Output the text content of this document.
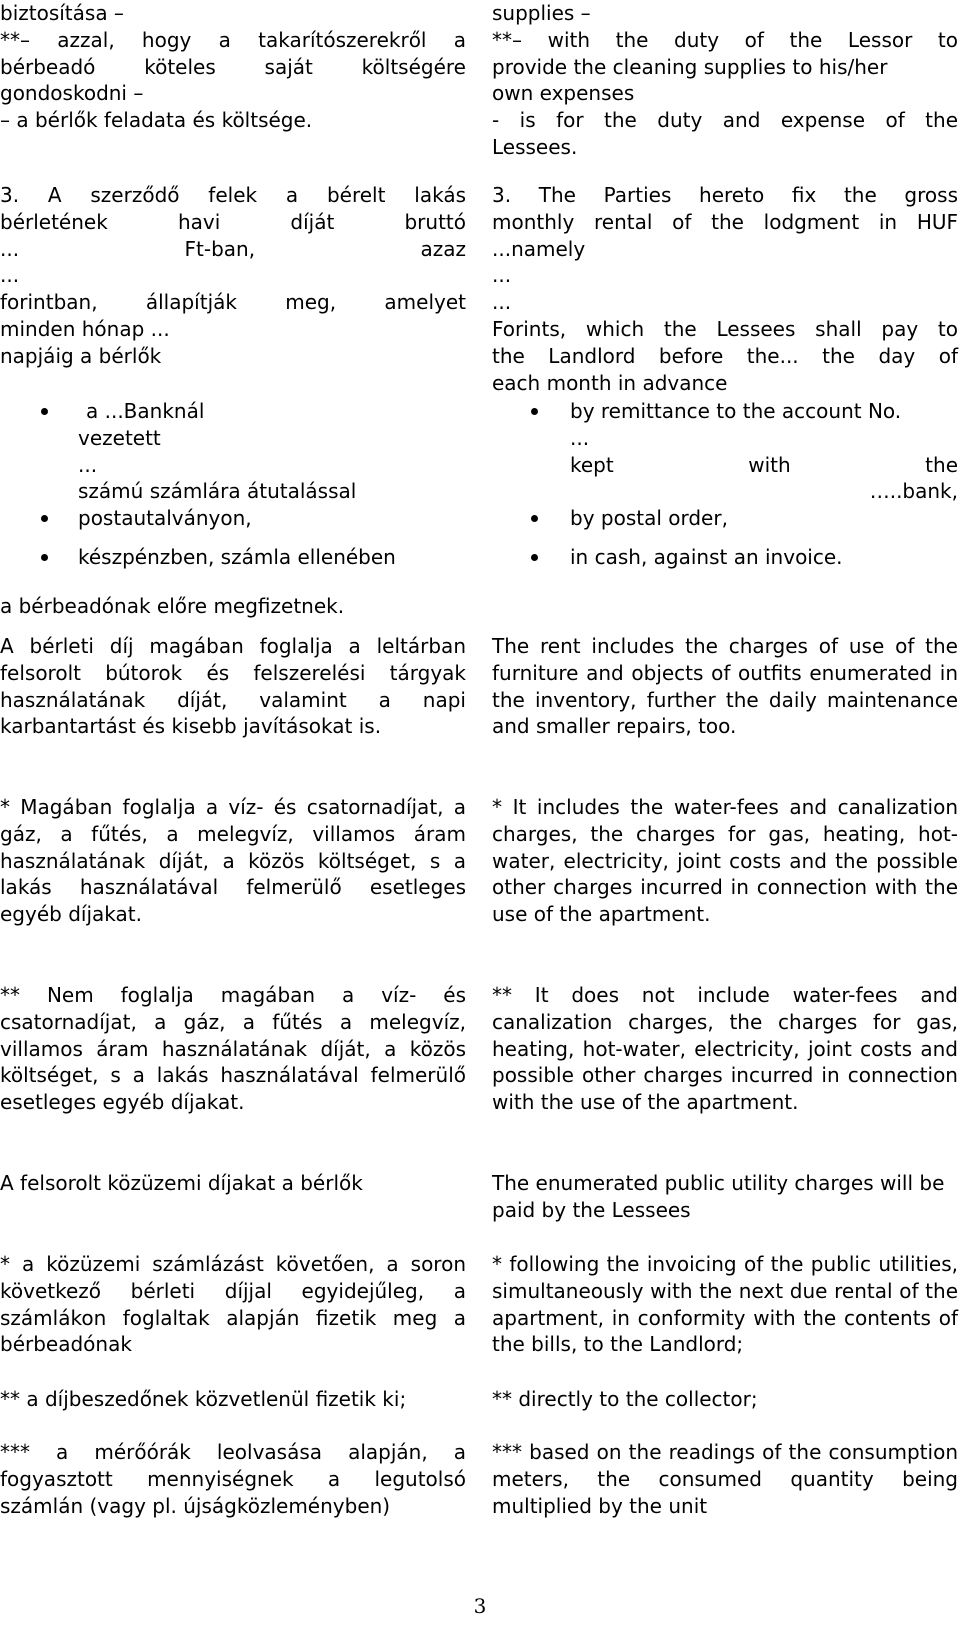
biztosítása –
**– azzal, hogy a takarítószerekről a
bérbeadó köteles saját költségére
gondoskodni –
– a bérlők feladata és költsége.
3. A szerződő felek a bérelt lakás
bérletének havi díját bruttó
... Ft-ban, azaz
...
forintban, állapítják meg, amelyet
minden hónap ...
napjáig a bérlők
a ...Banknál
vezetett
...
számú számlára átutalással
postautalványon,
készpénzben, számla ellenében

a bérbeadónak előre megfizetnek.

A bérleti díj magában foglalja a leltárban felsorolt bútorok és felszerelési tárgyak használatának díját, valamint a napi karbantartást és kisebb javításokat is.

* Magában foglalja a víz- és csatornadíjat, a gáz, a fűtés, a melegvíz, villamos áram használatának díját, a közös költséget, s a lakás használatával felmerülő esetleges egyéb díjakat.

** Nem foglalja magában a víz- és csatornadíjat, a gáz, a fűtés a melegvíz, villamos áram használatának díját, a közös költséget, s a lakás használatával felmerülő esetleges egyéb díjakat.

A felsorolt közüzemi díjakat a bérlők

* a közüzemi számlázást követően, a soron következő bérleti díjjal egyidejűleg, a számlákon foglaltak alapján fizetik meg a bérbeadónak

** a díjbeszedőnek közvetlenül fizetik ki;

*** a mérőórák leolvasása alapján, a fogyasztott mennyiségnek a legutolsó számlán (vagy pl. újságközleményben)

supplies –
**– with the duty of the Lessor to
provide the cleaning supplies to his/her
own expenses
- is for the duty and expense of the
Lessees.
3. The Parties hereto fix the gross
monthly rental of the lodgment in HUF
...namely
...
...
Forints, which the Lessees shall pay to
the Landlord before the... the day of
each month in advance
by remittance to the account No.
...
kept with the
…..bank,
by postal order,
in cash, against an invoice.

The rent includes the charges of use of the furniture and objects of outfits enumerated in the inventory, further the daily maintenance and smaller repairs, too.

* It includes the water-fees and canalization charges, the charges for gas, heating, hot-water, electricity, joint costs and the possible other charges incurred in connection with the use of the apartment.

** It does not include water-fees and canalization charges, the charges for gas, heating, hot-water, electricity, joint costs and possible other charges incurred in connection with the use of the apartment.

The enumerated public utility charges will be paid by the Lessees

* following the invoicing of the public utilities, simultaneously with the next due rental of the apartment, in conformity with the contents of the bills, to the Landlord;

** directly to the collector;

*** based on the readings of the consumption meters, the consumed quantity being multiplied by the unit

3
